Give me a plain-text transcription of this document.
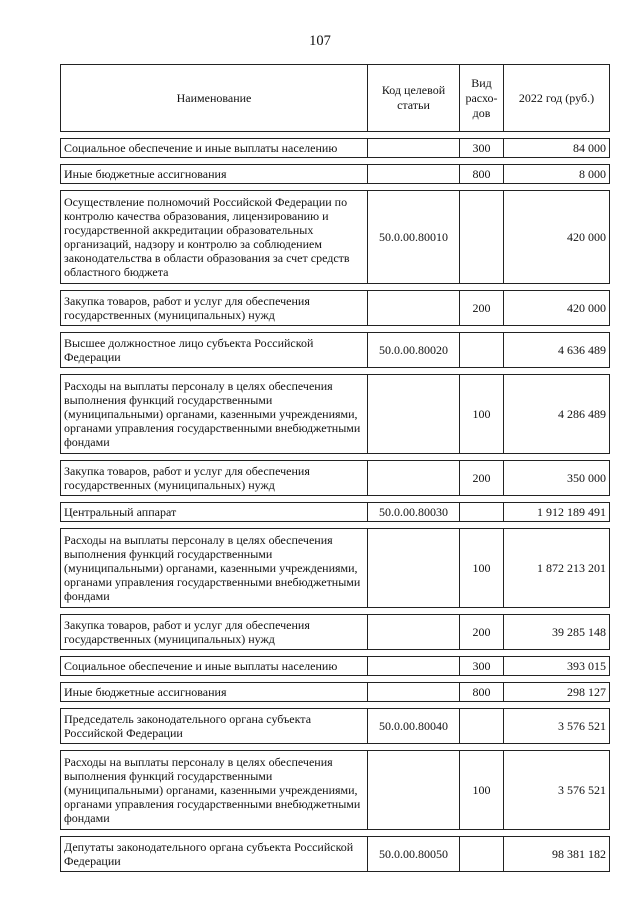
107
Наименование	Код целевой статьи	Вид расхо-дов	2022 год (руб.)

Социальное обеспечение и иные выплаты населению		300	84 000

Иные бюджетные ассигнования		800	8 000

Осуществление полномочий Российской Федерации по контролю качества образования, лицензированию и государственной аккредитации образовательных организаций, надзору и контролю за соблюдением законодательства в области образования за счет средств областного бюджета	50.0.00.80010		420 000

Закупка товаров, работ и услуг для обеспечения государственных (муниципальных) нужд		200	420 000

Высшее должностное лицо субъекта Российской Федерации	50.0.00.80020		4 636 489

Расходы на выплаты персоналу в целях обеспечения выполнения функций государственными (муниципальными) органами, казенными учреждениями, органами управления государственными внебюджетными фондами		100	4 286 489

Закупка товаров, работ и услуг для обеспечения государственных (муниципальных) нужд		200	350 000

Центральный аппарат	50.0.00.80030		1 912 189 491

Расходы на выплаты персоналу в целях обеспечения выполнения функций государственными (муниципальными) органами, казенными учреждениями, органами управления государственными внебюджетными фондами		100	1 872 213 201

Закупка товаров, работ и услуг для обеспечения государственных (муниципальных) нужд		200	39 285 148

Социальное обеспечение и иные выплаты населению		300	393 015

Иные бюджетные ассигнования		800	298 127

Председатель законодательного органа субъекта Российской Федерации	50.0.00.80040		3 576 521

Расходы на выплаты персоналу в целях обеспечения выполнения функций государственными (муниципальными) органами, казенными учреждениями, органами управления государственными внебюджетными фондами		100	3 576 521

Депутаты законодательного органа субъекта Российской Федерации	50.0.00.80050		98 381 182
